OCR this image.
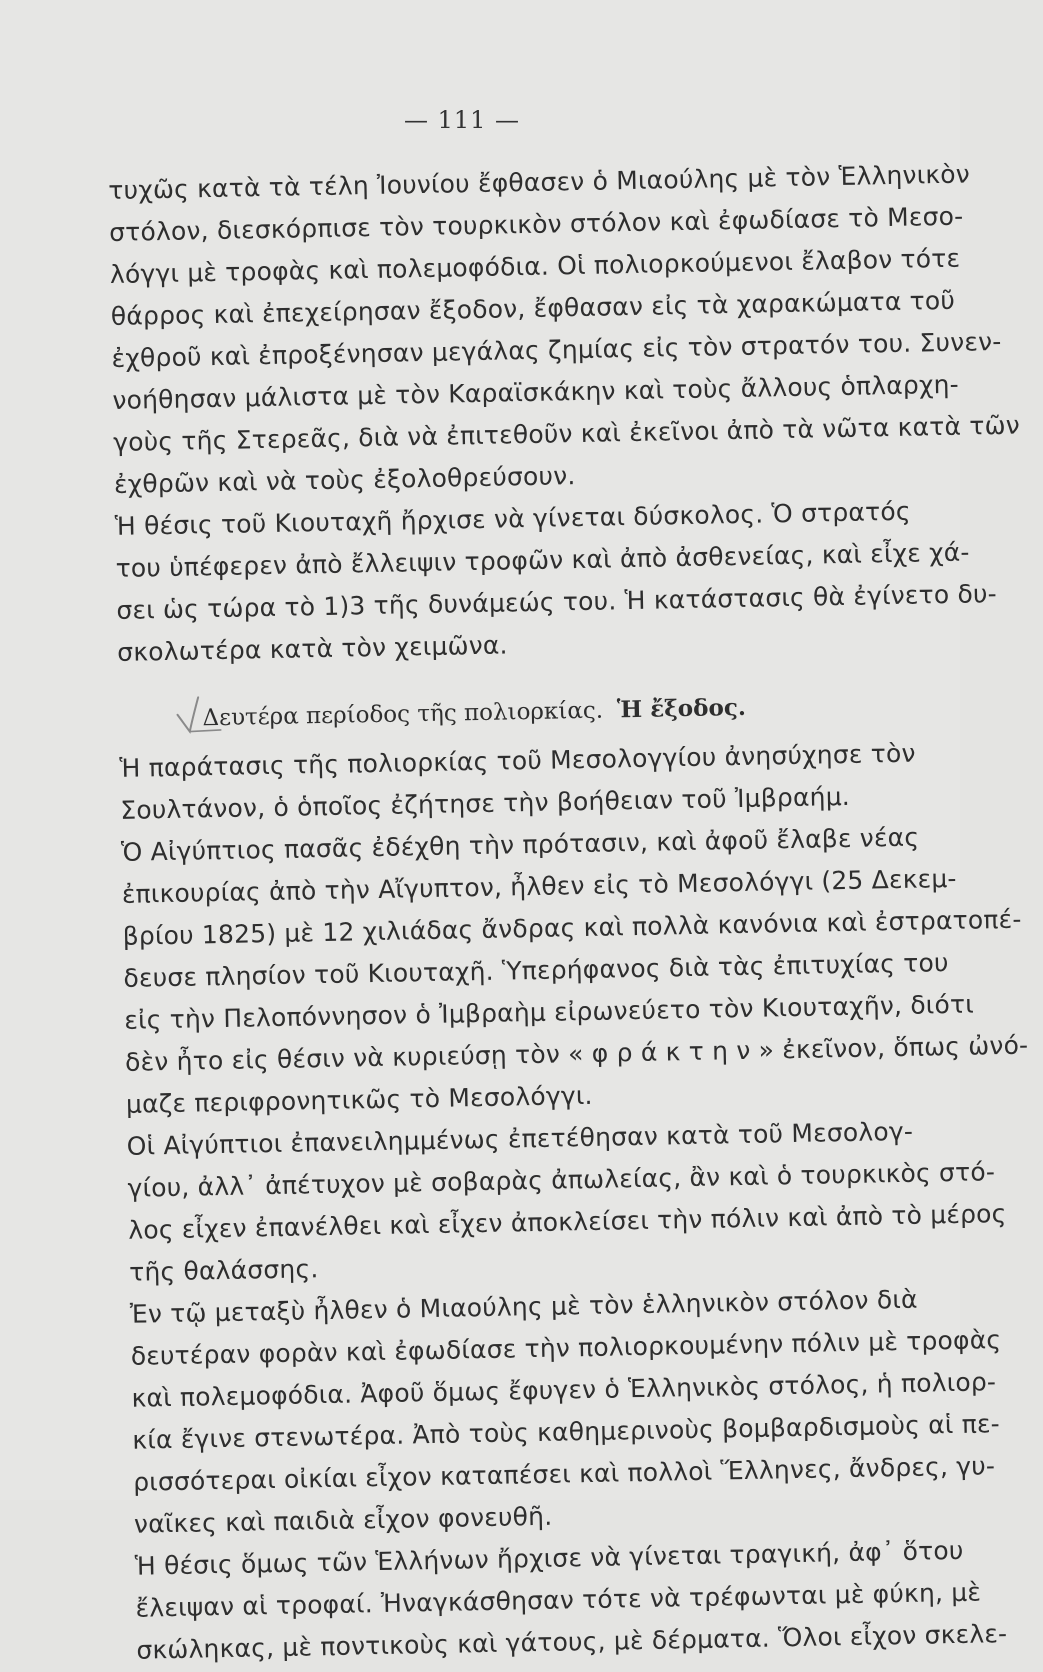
— 111 —
τυχῶς κατὰ τὰ τέλη Ἰουνίου ἔφθασεν ὁ Μιαούλης μὲ τὸν Ἑλληνικὸν
στόλον, διεσκόρπισε τὸν τουρκικὸν στόλον καὶ ἐφωδίασε τὸ Μεσο-
λόγγι μὲ τροφὰς καὶ πολεμοφόδια. Οἱ πολιορκούμενοι ἔλαβον τότε
θάρρος καὶ ἐπεχείρησαν ἔξοδον, ἔφθασαν εἰς τὰ χαρακώματα τοῦ
ἐχθροῦ καὶ ἐπροξένησαν μεγάλας ζημίας εἰς τὸν στρατόν του. Συνεν-
νοήθησαν μάλιστα μὲ τὸν Καραϊσκάκην καὶ τοὺς ἄλλους ὁπλαρχη-
γοὺς τῆς Στερεᾶς, διὰ νὰ ἐπιτεθοῦν καὶ ἐκεῖνοι ἀπὸ τὰ νῶτα κατὰ τῶν
ἐχθρῶν καὶ νὰ τοὺς ἐξολοθρεύσουν.
Ἡ θέσις τοῦ Κιουταχῆ ἤρχισε νὰ γίνεται δύσκολος. Ὁ στρατός
του ὑπέφερεν ἀπὸ ἔλλειψιν τροφῶν καὶ ἀπὸ ἀσθενείας, καὶ εἶχε χά-
σει ὡς τώρα τὸ 1)3 τῆς δυνάμεώς του. Ἡ κατάστασις θὰ ἐγίνετο δυ-
σκολωτέρα κατὰ τὸν χειμῶνα.
Δευτέρα περίοδος τῆς πολιορκίας. Ἡ ἔξοδος.
Ἡ παράτασις τῆς πολιορκίας τοῦ Μεσολογγίου ἀνησύχησε τὸν
Σουλτάνον, ὁ ὁποῖος ἐζήτησε τὴν βοήθειαν τοῦ Ἰμβραήμ.
Ὁ Αἰγύπτιος πασᾶς ἐδέχθη τὴν πρότασιν, καὶ ἀφοῦ ἔλαβε νέας
ἐπικουρίας ἀπὸ τὴν Αἴγυπτον, ἦλθεν εἰς τὸ Μεσολόγγι (25 Δεκεμ-
βρίου 1825) μὲ 12 χιλιάδας ἄνδρας καὶ πολλὰ κανόνια καὶ ἐστρατοπέ-
δευσε πλησίον τοῦ Κιουταχῆ. Ὑπερήφανος διὰ τὰς ἐπιτυχίας του
εἰς τὴν Πελοπόννησον ὁ Ἰμβραὴμ εἰρωνεύετο τὸν Κιουταχῆν, διότι
δὲν ἦτο εἰς θέσιν νὰ κυριεύσῃ τὸν « φ ρ ά κ τ η ν » ἐκεῖνον, ὅπως ὠνό-
μαζε περιφρονητικῶς τὸ Μεσολόγγι.
Οἱ Αἰγύπτιοι ἐπανειλημμένως ἐπετέθησαν κατὰ τοῦ Μεσολογ-
γίου, ἀλλ᾽ ἀπέτυχον μὲ σοβαρὰς ἀπωλείας, ἂν καὶ ὁ τουρκικὸς στό-
λος εἶχεν ἐπανέλθει καὶ εἶχεν ἀποκλείσει τὴν πόλιν καὶ ἀπὸ τὸ μέρος
τῆς θαλάσσης.
Ἐν τῷ μεταξὺ ἦλθεν ὁ Μιαούλης μὲ τὸν ἑλληνικὸν στόλον διὰ
δευτέραν φορὰν καὶ ἐφωδίασε τὴν πολιορκουμένην πόλιν μὲ τροφὰς
καὶ πολεμοφόδια. Ἀφοῦ ὅμως ἔφυγεν ὁ Ἑλληνικὸς στόλος, ἡ πολιορ-
κία ἔγινε στενωτέρα. Ἀπὸ τοὺς καθημερινοὺς βομβαρδισμοὺς αἱ πε-
ρισσότεραι οἰκίαι εἶχον καταπέσει καὶ πολλοὶ Ἕλληνες, ἄνδρες, γυ-
ναῖκες καὶ παιδιὰ εἶχον φονευθῆ.
Ἡ θέσις ὅμως τῶν Ἑλλήνων ἤρχισε νὰ γίνεται τραγική, ἀφ᾽ ὅτου
ἔλειψαν αἱ τροφαί. Ἠναγκάσθησαν τότε νὰ τρέφωνται μὲ φύκη, μὲ
σκώληκας, μὲ ποντικοὺς καὶ γάτους, μὲ δέρματα. Ὅλοι εἶχον σκελε-
